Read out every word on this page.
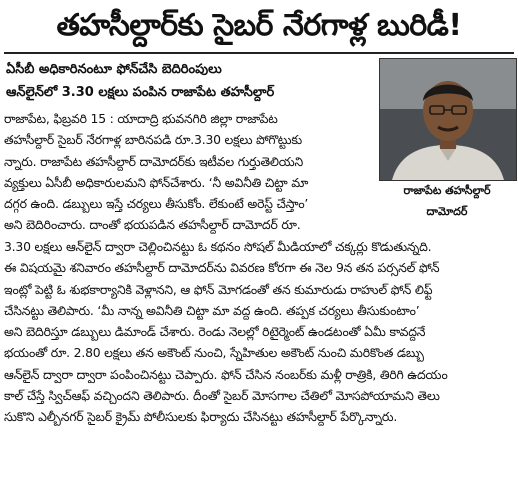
తహసీల్దార్‌కు సైబర్ నేరగాళ్ల బురిడీ!
ఏసీబీ అధికారినంటూ ఫోన్‌చేసి బెదిరింపులు
ఆన్‌లైన్‌లో 3.30 లక్షలు పంపిన రాజాపేట తహసీల్దార్
రాజాపేట తహసీల్దార్
దామోదర్
రాజాపేట, ఫిబ్రవరి 15 : యాదాద్రి భువనగిరి జిల్లా రాజాపేట
తహసీల్దార్ సైబర్ నేరగాళ్ల బారినపడి రూ.3.30 లక్షలు పోగొట్టుకు
న్నారు. రాజాపేట తహసీల్దార్ దామోదర్‌కు ఇటీవల గుర్తుతెలియని
వ్యక్తులు ఏసీబీ అధికారులమని ఫోన్‌చేశారు. ‘నీ అవినీతి చిట్టా మా
దగ్గర ఉంది. డబ్బులు ఇస్తే చర్యలు తీసుకోం. లేకుంటే అరెస్ట్ చేస్తాం’
అని బెదిరించారు. దాంతో భయపడిన తహసీల్దార్ దామోదర్ రూ.
3.30 లక్షలు ఆన్‌లైన్ ద్వారా చెల్లించినట్టు ఓ కథనం సోషల్ మీడియాలో చక్కర్లు కొడుతున్నది.
ఈ విషయమై శనివారం తహసీల్దార్ దామోదర్‌ను వివరణ కోరగా ఈ నెల 9న తన పర్సనల్ ఫోన్
ఇంట్లో పెట్టి ఓ శుభకార్యానికి వెళ్లానని, ఆ ఫోన్ మోగడంతో తన కుమారుడు రాహుల్ ఫోన్ లిఫ్ట్
చేసినట్టు తెలిపారు. ‘మీ నాన్న అవినీతి చిట్టా మా వద్ద ఉంది. తప్పక చర్యలు తీసుకుంటాం’
అని బెదిరిస్తూ డబ్బులు డిమాండ్ చేశారు. రెండు నెలల్లో రిటైర్మెంట్ ఉండటంతో ఏమీ కావద్దనే
భయంతో రూ. 2.80 లక్షలు తన అకౌంట్ నుంచి, స్నేహితుల అకౌంట్ నుంచి మరికొంత డబ్బు
ఆన్‌లైన్ ద్వారా ద్వారా పంపించినట్టు చెప్పారు. ఫోన్ చేసిన నంబర్‌కు మళ్లీ రాత్రికి, తిరిగి ఉదయం
కాల్ చేస్తే స్విచ్‌ఆఫ్ వచ్చిందని తెలిపారు. దీంతో సైబర్ మోసగాల చేతిలో మోసపోయామని తెలు
సుకొని ఎల్బీనగర్ సైబర్ క్రైమ్ పోలీసులకు ఫిర్యాదు చేసినట్టు తహసీల్దార్ పేర్కొన్నారు.
